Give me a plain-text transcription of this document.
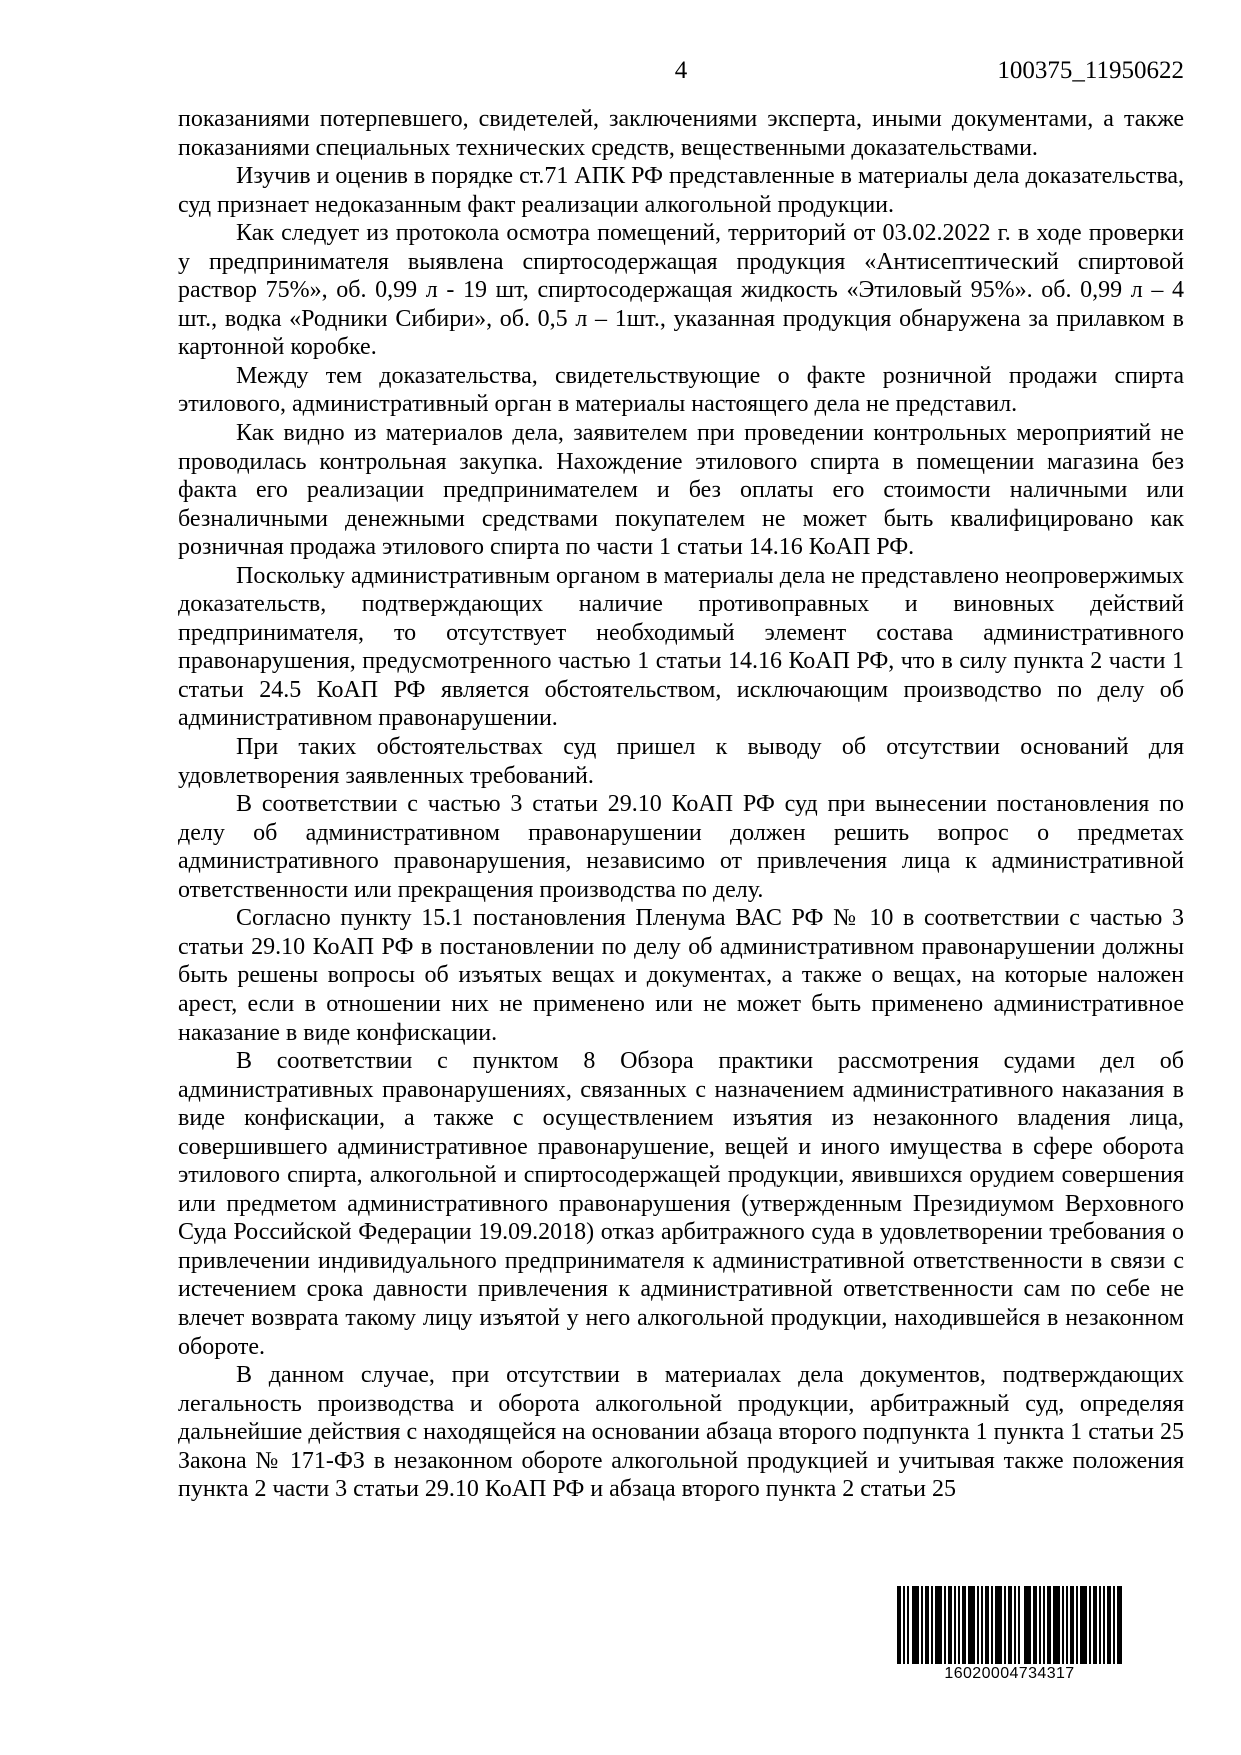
4	100375_11950622

показаниями потерпевшего, свидетелей, заключениями эксперта, иными документами, а также показаниями специальных технических средств, вещественными доказательствами.

Изучив и оценив в порядке ст.71 АПК РФ представленные в материалы дела доказательства, суд признает недоказанным факт реализации алкогольной продукции.

Как следует из протокола осмотра помещений, территорий от 03.02.2022 г. в ходе проверки у предпринимателя выявлена спиртосодержащая продукция «Антисептический спиртовой раствор 75%», об. 0,99 л - 19 шт, спиртосодержащая жидкость «Этиловый 95%». об. 0,99 л – 4 шт., водка «Родники Сибири», об. 0,5 л – 1шт., указанная продукция обнаружена за прилавком в картонной коробке.

Между тем доказательства, свидетельствующие о факте розничной продажи спирта этилового, административный орган в материалы настоящего дела не представил.

Как видно из материалов дела, заявителем при проведении контрольных мероприятий не проводилась контрольная закупка. Нахождение этилового спирта в помещении магазина без факта его реализации предпринимателем и без оплаты его стоимости наличными или безналичными денежными средствами покупателем не может быть квалифицировано как розничная продажа этилового спирта по части 1 статьи 14.16 КоАП РФ.

Поскольку административным органом в материалы дела не представлено неопровержимых доказательств, подтверждающих наличие противоправных и виновных действий предпринимателя, то отсутствует необходимый элемент состава административного правонарушения, предусмотренного частью 1 статьи 14.16 КоАП РФ, что в силу пункта 2 части 1 статьи 24.5 КоАП РФ является обстоятельством, исключающим производство по делу об административном правонарушении.

При таких обстоятельствах суд пришел к выводу об отсутствии оснований для удовлетворения заявленных требований.

В соответствии с частью 3 статьи 29.10 КоАП РФ суд при вынесении постановления по делу об административном правонарушении должен решить вопрос о предметах административного правонарушения, независимо от привлечения лица к административной ответственности или прекращения производства по делу.

Согласно пункту 15.1 постановления Пленума ВАС РФ № 10 в соответствии с частью 3 статьи 29.10 КоАП РФ в постановлении по делу об административном правонарушении должны быть решены вопросы об изъятых вещах и документах, а также о вещах, на которые наложен арест, если в отношении них не применено или не может быть применено административное наказание в виде конфискации.

В соответствии с пунктом 8 Обзора практики рассмотрения судами дел об административных правонарушениях, связанных с назначением административного наказания в виде конфискации, а также с осуществлением изъятия из незаконного владения лица, совершившего административное правонарушение, вещей и иного имущества в сфере оборота этилового спирта, алкогольной и спиртосодержащей продукции, явившихся орудием совершения или предметом административного правонарушения (утвержденным Президиумом Верховного Суда Российской Федерации 19.09.2018) отказ арбитражного суда в удовлетворении требования о привлечении индивидуального предпринимателя к административной ответственности в связи с истечением срока давности привлечения к административной ответственности сам по себе не влечет возврата такому лицу изъятой у него алкогольной продукции, находившейся в незаконном обороте.

В данном случае, при отсутствии в материалах дела документов, подтверждающих легальность производства и оборота алкогольной продукции, арбитражный суд, определяя дальнейшие действия с находящейся на основании абзаца второго подпункта 1 пункта 1 статьи 25 Закона № 171-ФЗ в незаконном обороте алкогольной продукцией и учитывая также положения пункта 2 части 3 статьи 29.10 КоАП РФ и абзаца второго пункта 2 статьи 25

16020004734317
